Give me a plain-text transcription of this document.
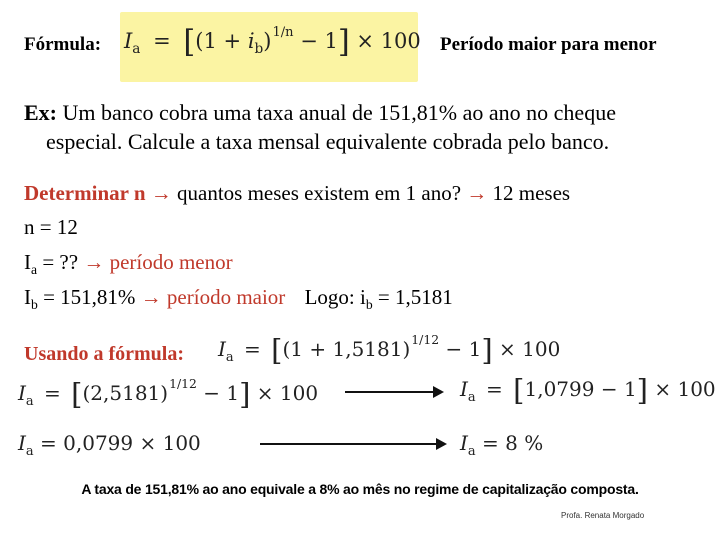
Fórmula: $I_a = [(1 + i_b)^{1/n} - 1] \times 100$ Período maior para menor
Ex: Um banco cobra uma taxa anual de 151,81% ao ano no cheque
especial. Calcule a taxa mensal equivalente cobrada pelo banco.
Determinar n → quantos meses existem em 1 ano? → 12 meses
n = 12
$I_a$ = ?? → período menor
$I_b = 151,81\%$ → período maior Logo: $i_b = 1,5181$
Usando a fórmula: $I_a = [(1 + 1,5181)^{1/12} - 1] \times 100$
$I_a = [(2,5181)^{1/12} - 1] \times 100$	$I_a = [1,0799 - 1] \times 100$
$I_a = 0,0799 \times 100$	$I_a = 8$ %
A taxa de 151,81% ao ano equivale a 8% ao mês no regime de capitalização composta.
Profa. Renata Morgado
